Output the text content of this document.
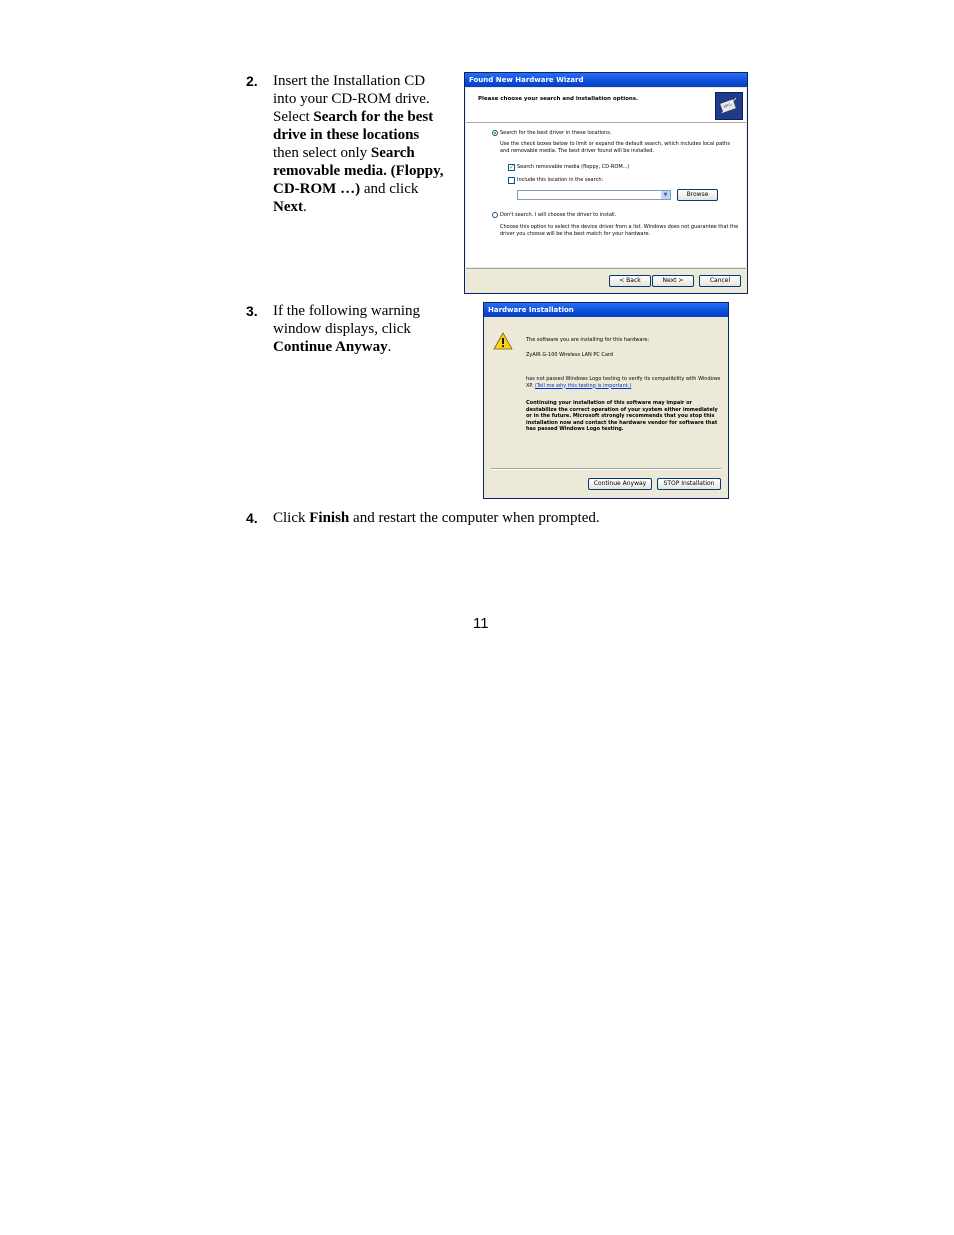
2. Insert the Installation CD into your CD-ROM drive. Select Search for the best drive in these locations then select only Search removable media. (Floppy, CD-ROM …) and click Next.
Found New Hardware Wizard
Please choose your search and installation options.
Search for the best driver in these locations.
Use the check boxes below to limit or expand the default search, which includes local paths and removable media. The best driver found will be installed.
✓ Search removable media (floppy, CD-ROM...)
Include this location in the search:
▼	Browse
Don't search. I will choose the driver to install.
Choose this option to select the device driver from a list. Windows does not guarantee that the driver you choose will be the best match for your hardware.
< Back	Next >	Cancel
3. If the following warning window displays, click Continue Anyway.
Hardware Installation
The software you are installing for this hardware:
ZyAIR G-100 Wireless LAN PC Card
has not passed Windows Logo testing to verify its compatibility with Windows XP. (Tell me why this testing is important.)
Continuing your installation of this software may impair or destabilize the correct operation of your system either immediately or in the future. Microsoft strongly recommends that you stop this installation now and contact the hardware vendor for software that has passed Windows Logo testing.
Continue Anyway	STOP Installation
4. Click Finish and restart the computer when prompted.
11
